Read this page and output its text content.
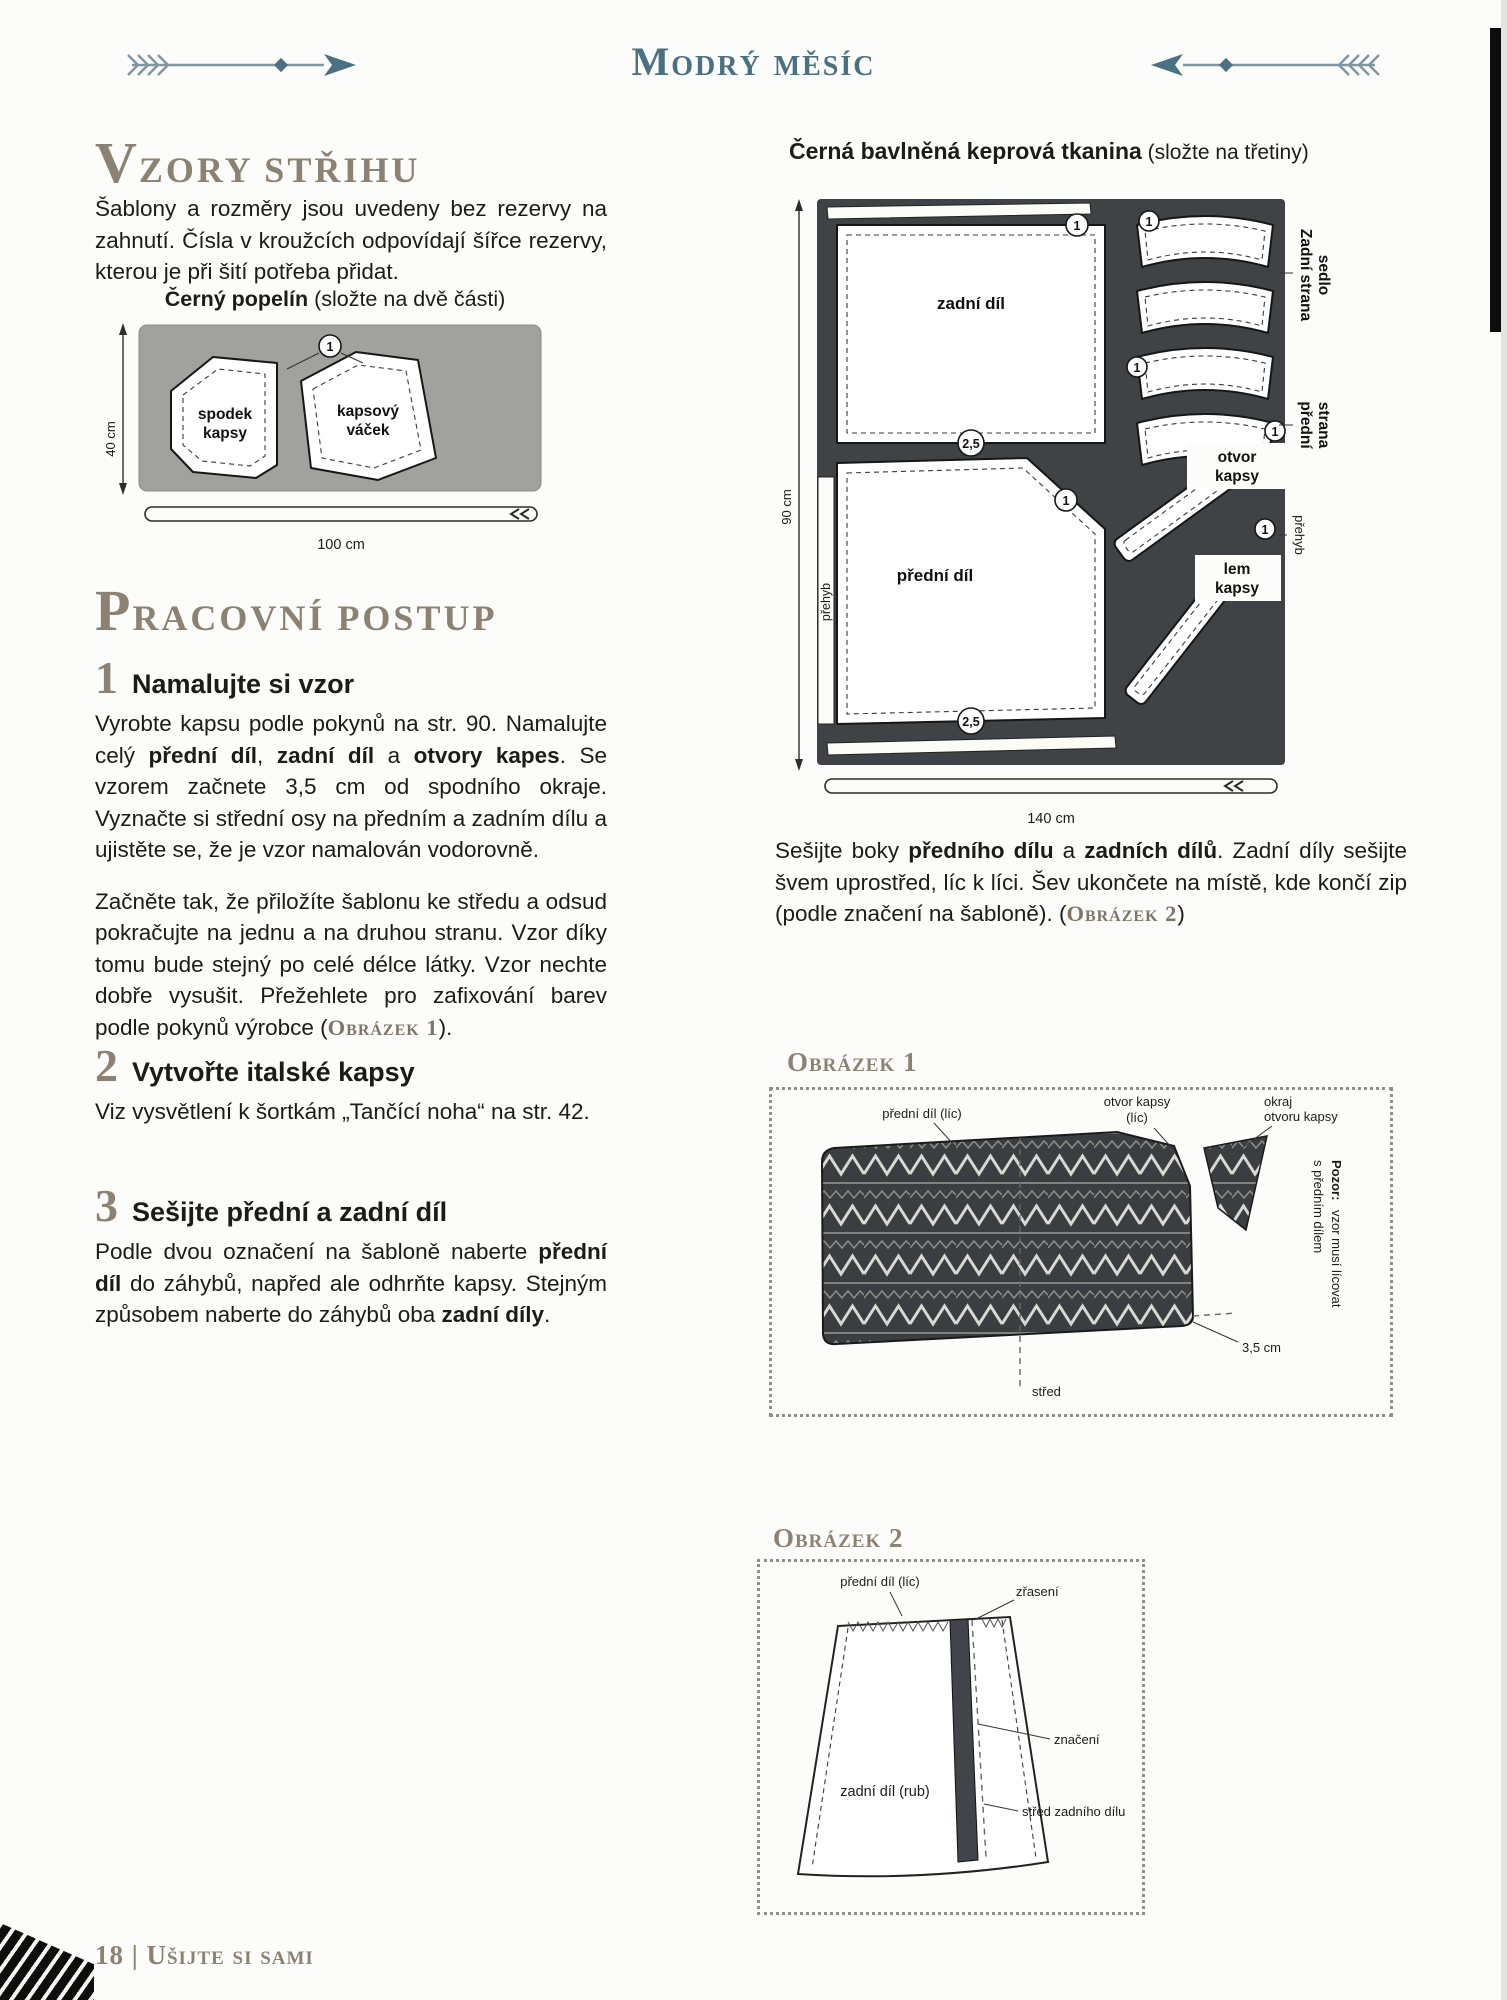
Modrý měsíc
VZORY STŘIHU

Šablony a rozměry jsou uvedeny bez rezervy na zahnutí. Čísla v kroužcích odpovídají šířce rezervy, kterou je při šití potřeba přidat.

Černý popelín (složte na dvě části)
40 cm
spodek
kapsy
kapsový
váček
1
100 cm
PRACOVNÍ POSTUP
1 Namalujte si vzor

Vyrobte kapsu podle pokynů na str. 90. Namalujte celý přední díl, zadní díl a otvory kapes. Se vzorem začnete 3,5 cm od spodního okraje. Vyznačte si střední osy na předním a zadním dílu a ujistěte se, že je vzor namalován vodorovně.

Začněte tak, že přiložíte šablonu ke středu a odsud pokračujte na jednu a na druhou stranu. Vzor díky tomu bude stejný po celé délce látky. Vzor nechte dobře vysušit. Přežehlete pro zafixování barev podle pokynů výrobce (Obrázek 1).

2 Vytvořte italské kapsy

Viz vysvětlení k šortkám „Tančící noha“ na str. 42.

3 Sešijte přední a zadní díl

Podle dvou označení na šabloně naberte přední díl do záhybů, napřed ale odhrňte kapsy. Stejným způsobem naberte do záhybů oba zadní díly.

Černá bavlněná keprová tkanina (složte na třetiny)
90 cm
zadní díl
1
2,5
přední díl
1
2,5
přehyb
1
1
1
otvor
kapsy
1
lem
kapsy
Zadní strana sedlo
přední strana
přehyb
140 cm

Sešijte boky předního dílu a zadních dílů. Zadní díly sešijte švem uprostřed, líc k líci. Šev ukončete na místě, kde končí zip (podle značení na šabloně). (Obrázek 2)

Obrázek 1
přední díl (líc)
otvor kapsy
(líc)
okraj
otvoru kapsy
Pozor:
vzor musí lícovat
s předním dílem
3,5 cm
střed
Obrázek 2
přední díl (líc)
zřasení
značení
zadní díl (rub)
střed zadního dílu
18 | Ušijte si sami
